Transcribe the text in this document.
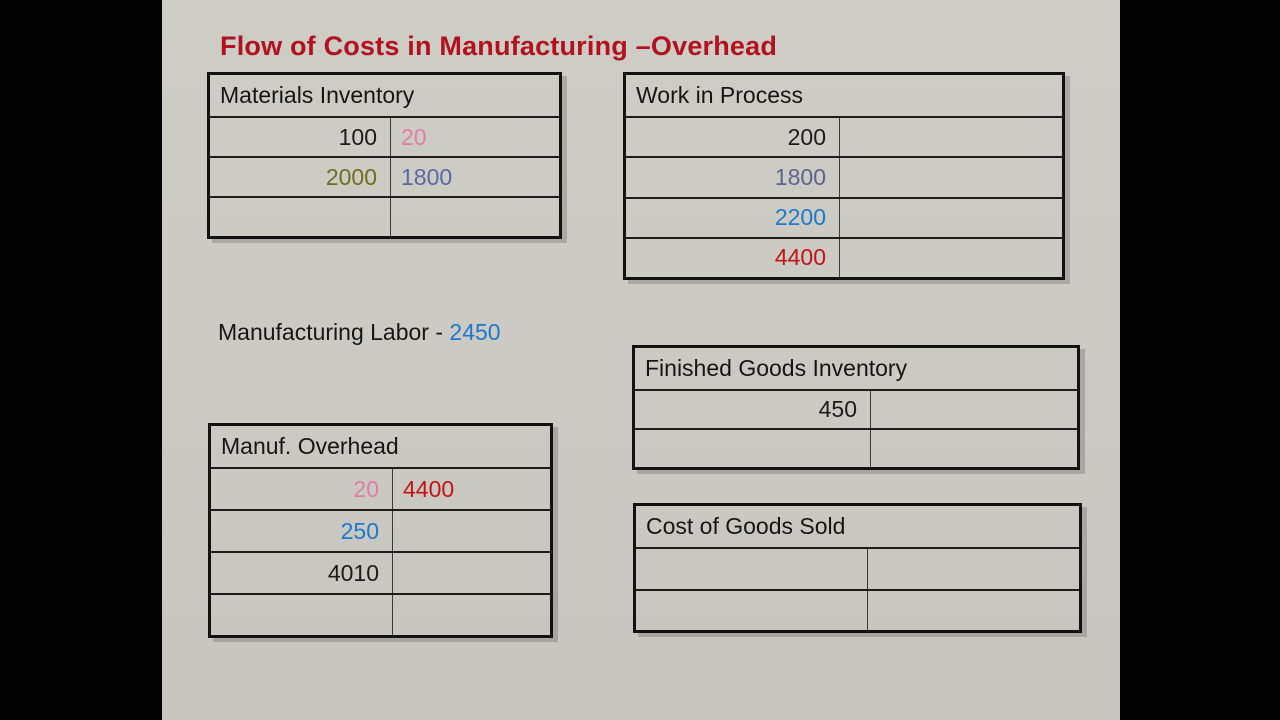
Flow of Costs in Manufacturing –Overhead
Materials Inventory
100	20
2000	1800
Work in Process
200
1800
2200
4400
Manufacturing Labor - 2450
Manuf. Overhead
20	4400
250
4010
Finished Goods Inventory
450
Cost of Goods Sold
